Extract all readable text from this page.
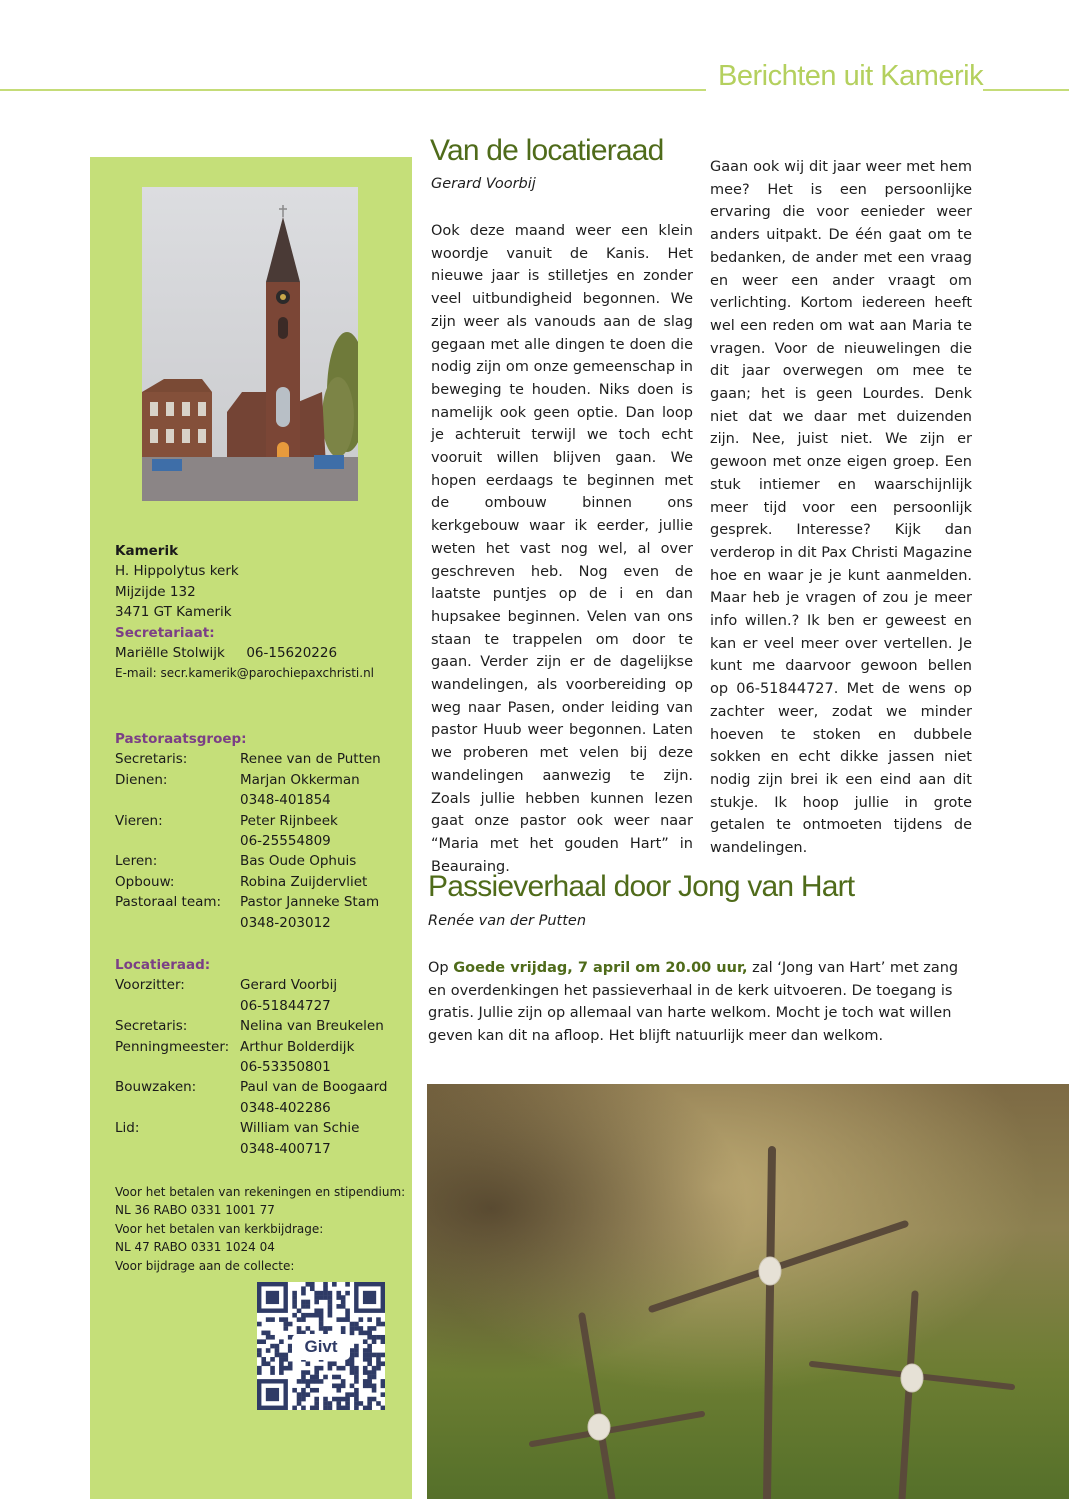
Berichten uit Kamerik
Kamerik
H. Hippolytus kerk
Mijzijde 132
3471 GT Kamerik
Secretariaat:
Mariëlle Stolwijk     06-15620226
E-mail: secr.kamerik@parochiepaxchristi.nl
Pastoraatsgroep:
Secretaris:	Renee van de Putten
Dienen:	Marjan Okkerman
0348-401854
Vieren:	Peter Rijnbeek
06-25554809
Leren:	Bas Oude Ophuis
Opbouw:	Robina Zuijdervliet
Pastoraal team:	Pastor Janneke Stam
0348-203012
Locatieraad:
Voorzitter:	Gerard Voorbij
06-51844727
Secretaris:	Nelina van Breukelen
Penningmeester: Arthur Bolderdijk
06-53350801
Bouwzaken:	Paul van de Boogaard
0348-402286
Lid:	William van Schie
0348-400717
Voor het betalen van rekeningen en stipendium:
NL 36 RABO 0331 1001 77
Voor het betalen van kerkbijdrage:
NL 47 RABO 0331 1024 04
Voor bijdrage aan de collecte:
Givt
Van de locatieraad
Gerard Voorbij

Ook deze maand weer een klein woordje vanuit de Kanis. Het nieuwe jaar is stilletjes en zonder veel uitbundigheid begonnen. We zijn weer als vanouds aan de slag gegaan met alle dingen te doen die nodig zijn om onze gemeenschap in beweging te houden. Niks doen is namelijk ook geen optie. Dan loop je achteruit terwijl we toch echt vooruit willen blijven gaan. We hopen eerdaags te beginnen met de ombouw binnen ons kerkgebouw waar ik eerder, jullie weten het vast nog wel, al over geschreven heb. Nog even de laatste puntjes op de i en dan hupsakee beginnen. Velen van ons staan te trappelen om door te gaan. Verder zijn er de dagelijkse wandelingen, als voorbereiding op weg naar Pasen, onder leiding van pastor Huub weer begonnen. Laten we proberen met velen bij deze wandelingen aanwezig te zijn. Zoals jullie hebben kunnen lezen gaat onze pastor ook weer naar “Maria met het gouden Hart” in Beauraing.

Gaan ook wij dit jaar weer met hem mee? Het is een persoonlijke ervaring die voor eenieder weer anders uitpakt. De één gaat om te bedanken, de ander met een vraag en weer een ander vraagt om verlichting. Kortom iedereen heeft wel een reden om wat aan Maria te vragen. Voor de nieuwelingen die dit jaar overwegen om mee te gaan; het is geen Lourdes. Denk niet dat we daar met duizenden zijn. Nee, juist niet. We zijn er gewoon met onze eigen groep. Een stuk intiemer en waarschijnlijk meer tijd voor een persoonlijk gesprek. Interesse? Kijk dan verderop in dit Pax Christi Magazine hoe en waar je je kunt aanmelden. Maar heb je vragen of zou je meer info willen.? Ik ben er geweest en kan er veel meer over vertellen. Je kunt me daarvoor gewoon bellen op 06-51844727. Met de wens op zachter weer, zodat we minder hoeven te stoken en dubbele sokken en echt dikke jassen niet nodig zijn brei ik een eind aan dit stukje. Ik hoop jullie in grote getalen te ontmoeten tijdens de wandelingen.

Passieverhaal door Jong van Hart
Renée van der Putten

Op Goede vrijdag, 7 april om 20.00 uur, zal ‘Jong van Hart’ met zang en overdenkingen het passieverhaal in de kerk uitvoeren. De toegang is gratis. Jullie zijn op allemaal van harte welkom. Mocht je toch wat willen geven kan dit na afloop. Het blijft natuurlijk meer dan welkom.
